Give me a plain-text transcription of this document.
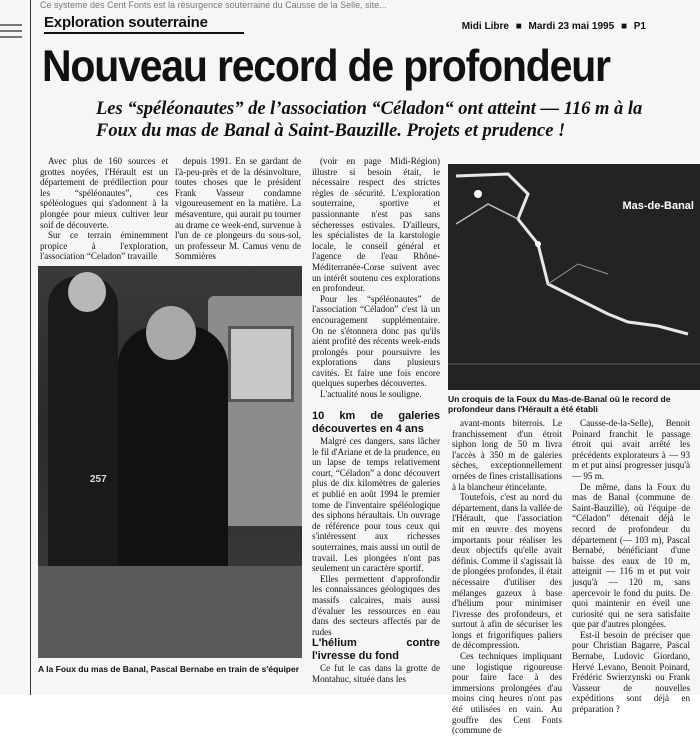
Ce systeme des Cent Fonts est la résurgence souterraine du Causse de la Selle, site...
Exploration souterraine	Midi Libre ■ Mardi 23 mai 1995 ■ P1
Nouveau record de profondeur
Les “spéléonautes” de l’association “Céladon“ ont atteint — 116 m à la Foux du mas de Banal à Saint-Bauzille. Projets et prudence !

Avec plus de 160 sources et grottes noyées, l'Hérault est un département de prédilection pour les “spéléonautes”, ces spéléologues qui s'adonnent à la plongée pour mieux cultiver leur soif de découverte.

Sur ce terrain éminemment propice à l'exploration, l'association “Celadon” travaille

depuis 1991. En se gardant de l'à-peu-près et de la désinvolture, toutes choses que le président Frank Vasseur condamne vigoureusement en la matière. La mésaventure, qui aurait pu tourner au drame ce week-end, survenue à l'un de ce plongeurs du sous-sol, un professeur M. Camus venu de Sommières

(voir en page Midi-Région) illustre si besoin était, le nécessaire respect des strictes règles de sécurité. L'exploration souterraine, sportive et passionnante n'est pas sans sécheresses estivales. D'ailleurs, les spécialistes de la karstologie locale, le conseil général et l'agence de l'eau Rhône-Méditerranée-Corse suivent avec un intérêt soutenu ces explorations en profondeur.

Pour les “spéléonautes” de l'association “Céladon” c'est là un encouragement supplémentaire. On ne s'étonnera donc pas qu'ils aient profité des récents week-ends prolongés pour poursuivre les explorations dans plusieurs cavités. Et faire une fois encore quelques superbes découvertes.

L'actualité nous le souligne.

10 km de galeries découvertes en 4 ans

Malgré ces dangers, sans lâcher le fil d'Ariane et de la prudence, en un lapse de temps relativement court, “Céladon” a donc découvert plus de dix kilomètres de galeries et publié en août 1994 le premier tome de l'inventaire spéléologique des siphons héraultais. Un ouvrage de référence pour tous ceux qui s'intéressent aux richesses souterraines, mais aussi un outil de travail. Les plongées n'ont pas seulement un caractère sportif.

Elles permettent d'approfondir les connaissances géologiques des massifs calcaires, mais aussi d'évaluer les ressources en eau dans des secteurs affectés par de rudes

L'hélium contre l'ivresse du fond

Ce fut le cas dans la grotte de Montahuc, située dans les

257
A la Foux du mas de Banal, Pascal Bernabe en train de s'équiper
Mas-de-Banal
Un croquis de la Foux du Mas-de-Banal où le record de profondeur dans l'Hérault a été établi

avant-monts biterrois. Le franchissement d'un étroit siphon long de 50 m livra l'accès à 350 m de galeries sèches, exceptionnellement ornées de fines cristallisations à la blancheur étincelante.

Toutefois, c'est au nord du département, dans la vallée de l'Hérault, que l'association mit en œuvre des moyens importants pour réaliser les deux objectifs qu'elle avait définis. Comme il s'agissait là de plongées profondes, il était nécessaire d'utiliser des mélanges gazeux à base d'hélium pour minimiser l'ivresse des profondeurs, et surtout à afin de sécuriser les longs et frigorifiques paliers de décompression.

Ces techniques impliquant une logistique rigoureuse pour faire face à des immersions prolongées d'au moins cinq heures n'ont pas été utilisées en vain. Au gouffre des Cent Fonts (commune de

Causse-de-la-Selle), Benoit Poinard franchit le passage étroit qui avait arrêté les précédents explorateurs à — 93 m et put ainsi progresser jusqu'à — 95 m.

De même, dans la Foux du mas de Banal (commune de Saint-Bauzille), où l'équipe de “Céladon” détenait déjà le record de profondeur du département (— 103 m), Pascal Bernabé, bénéficiant d'une baisse des eaux de 10 m, atteignit — 116 m et put voir jusqu'à — 120 m, sans apercevoir le fond du puits. De quoi maintenir en éveil une curiosité qui ne sera satisfaite que par d'autres plongées.

Est-il besoin de préciser que pour Christian Bagarre, Pascal Bernabe, Ludovic Giordano, Hervé Levano, Benoit Poinard, Frédéric Swierzynski ou Frank Vasseur de nouvelles expéditions sont déjà en préparation ?
